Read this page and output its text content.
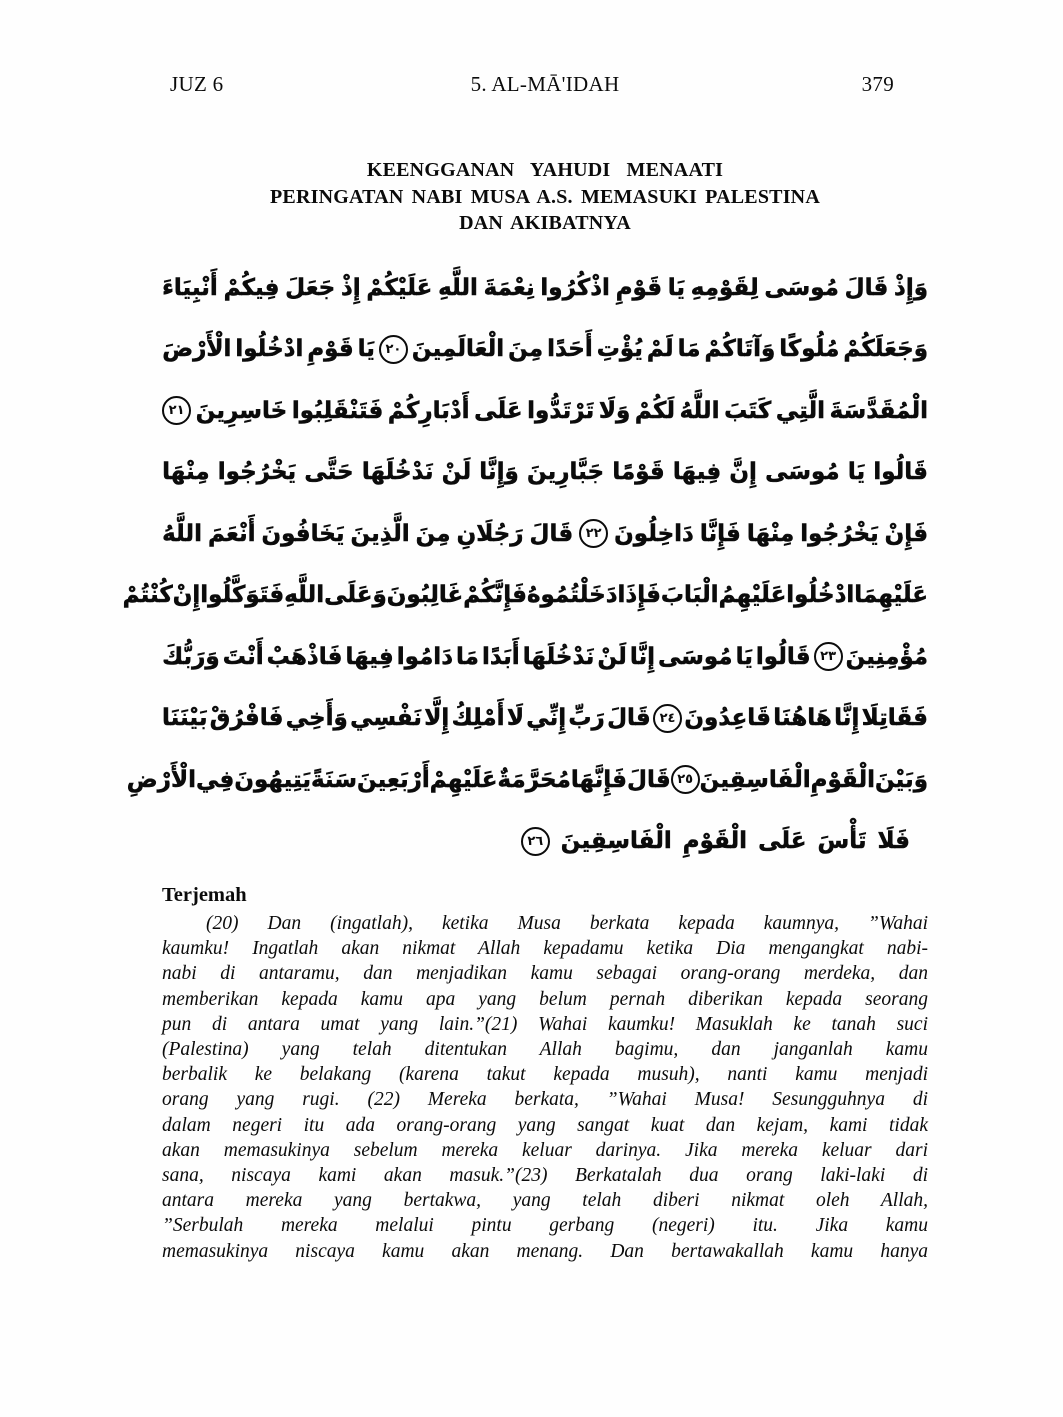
JUZ 6	5. AL-MĀ'IDAH	379
KEENGGANAN YAHUDI MENAATI
PERINGATAN NABI MUSA A.S. MEMASUKI PALESTINA
DAN AKIBATNYA
وَإِذْ
قَالَ
مُوسَى
لِقَوْمِهِ
يَا
قَوْمِ
اذْكُرُوا
نِعْمَةَ
اللَّهِ
عَلَيْكُمْ
إِذْ
جَعَلَ
فِيكُمْ
أَنْبِيَاءَ
وَجَعَلَكُمْ
مُلُوكًا
وَآتَاكُمْ
مَا
لَمْ
يُؤْتِ
أَحَدًا
مِنَ
الْعَالَمِينَ
٢٠
يَا
قَوْمِ
ادْخُلُوا
الْأَرْضَ
الْمُقَدَّسَةَ
الَّتِي
كَتَبَ
اللَّهُ
لَكُمْ
وَلَا
تَرْتَدُّوا
عَلَى
أَدْبَارِكُمْ
فَتَنْقَلِبُوا
خَاسِرِينَ
٢١
قَالُوا
يَا
مُوسَى
إِنَّ
فِيهَا
قَوْمًا
جَبَّارِينَ
وَإِنَّا
لَنْ
نَدْخُلَهَا
حَتَّى
يَخْرُجُوا
مِنْهَا
فَإِنْ
يَخْرُجُوا
مِنْهَا
فَإِنَّا
دَاخِلُونَ
٢٢
قَالَ
رَجُلَانِ
مِنَ
الَّذِينَ
يَخَافُونَ
أَنْعَمَ
اللَّهُ
عَلَيْهِمَا
ادْخُلُوا
عَلَيْهِمُ
الْبَابَ
فَإِذَا
دَخَلْتُمُوهُ
فَإِنَّكُمْ
غَالِبُونَ
وَعَلَى
اللَّهِ
فَتَوَكَّلُوا
إِنْ
كُنْتُمْ
مُؤْمِنِينَ
٢٣
قَالُوا
يَا
مُوسَى
إِنَّا
لَنْ
نَدْخُلَهَا
أَبَدًا
مَا
دَامُوا
فِيهَا
فَاذْهَبْ
أَنْتَ
وَرَبُّكَ
فَقَاتِلَا
إِنَّا
هَاهُنَا
قَاعِدُونَ
٢٤
قَالَ
رَبِّ
إِنِّي
لَا
أَمْلِكُ
إِلَّا
نَفْسِي
وَأَخِي
فَافْرُقْ
بَيْنَنَا
وَبَيْنَ
الْقَوْمِ
الْفَاسِقِينَ
٢٥
قَالَ
فَإِنَّهَا
مُحَرَّمَةٌ
عَلَيْهِمْ
أَرْبَعِينَ
سَنَةً
يَتِيهُونَ
فِي
الْأَرْضِ
فَلَا
تَأْسَ
عَلَى
الْقَوْمِ
الْفَاسِقِينَ
٢٦
Terjemah
(20) Dan (ingatlah), ketika Musa berkata kepada kaumnya, ”Wahai
kaumku! Ingatlah akan nikmat Allah kepadamu ketika Dia mengangkat nabi-
nabi di antaramu, dan menjadikan kamu sebagai orang-orang merdeka, dan
memberikan kepada kamu apa yang belum pernah diberikan kepada seorang
pun di antara umat yang lain.”(21) Wahai kaumku! Masuklah ke tanah suci
(Palestina) yang telah ditentukan Allah bagimu, dan janganlah kamu
berbalik ke belakang (karena takut kepada musuh), nanti kamu menjadi
orang yang rugi. (22) Mereka berkata, ”Wahai Musa! Sesungguhnya di
dalam negeri itu ada orang-orang yang sangat kuat dan kejam, kami tidak
akan memasukinya sebelum mereka keluar darinya. Jika mereka keluar dari
sana, niscaya kami akan masuk.”(23) Berkatalah dua orang laki-laki di
antara mereka yang bertakwa, yang telah diberi nikmat oleh Allah,
”Serbulah mereka melalui pintu gerbang (negeri) itu. Jika kamu
memasukinya niscaya kamu akan menang. Dan bertawakallah kamu hanya
